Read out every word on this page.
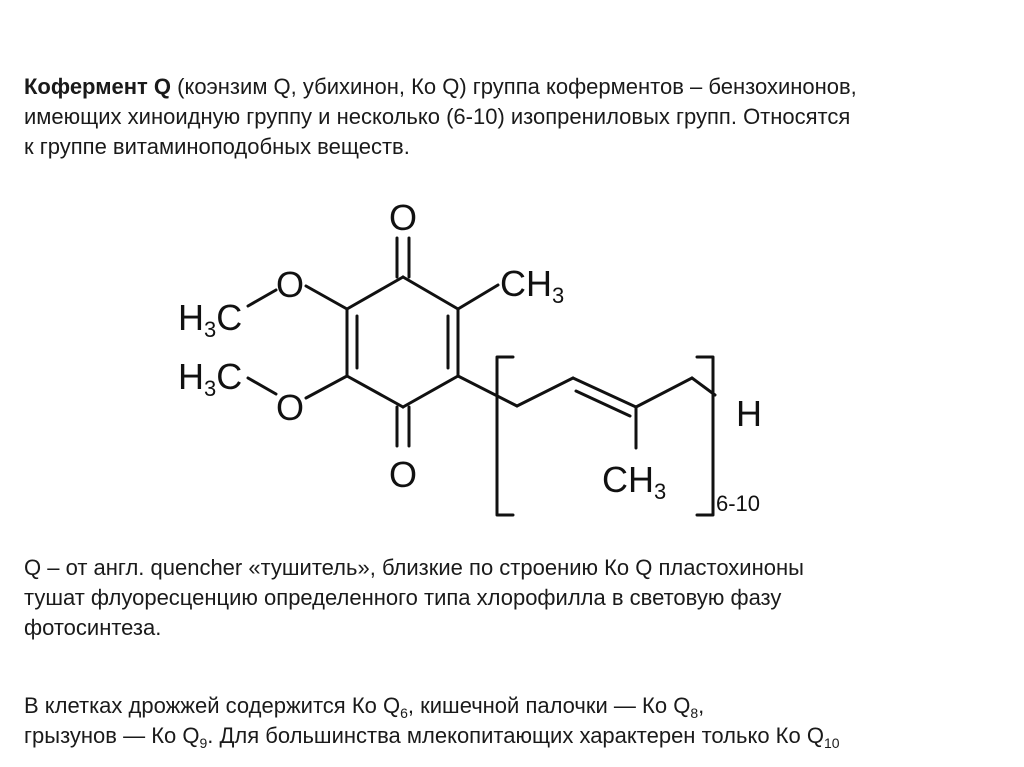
Кофермент Q (коэнзим Q, убихинон, Ко Q) группа коферментов – бензохинонов,
имеющих хиноидную группу и несколько (6-10) изопрениловых групп. Относятся
к группе витаминоподобных веществ.

O
O
H3C
O
H3C
O
CH3
CH3
H
6-10

Q – от англ. quencher «тушитель», близкие по строению Ко Q пластохиноны
тушат флуоресценцию определенного типа хлорофилла в световую фазу
фотосинтеза.

В клетках дрожжей содержится Ко $Q_6$, кишечной палочки — Ко $Q_8$,
грызунов — Ко $Q_9$. Для большинства млекопитающих характерен только Ко $Q_{10}$
